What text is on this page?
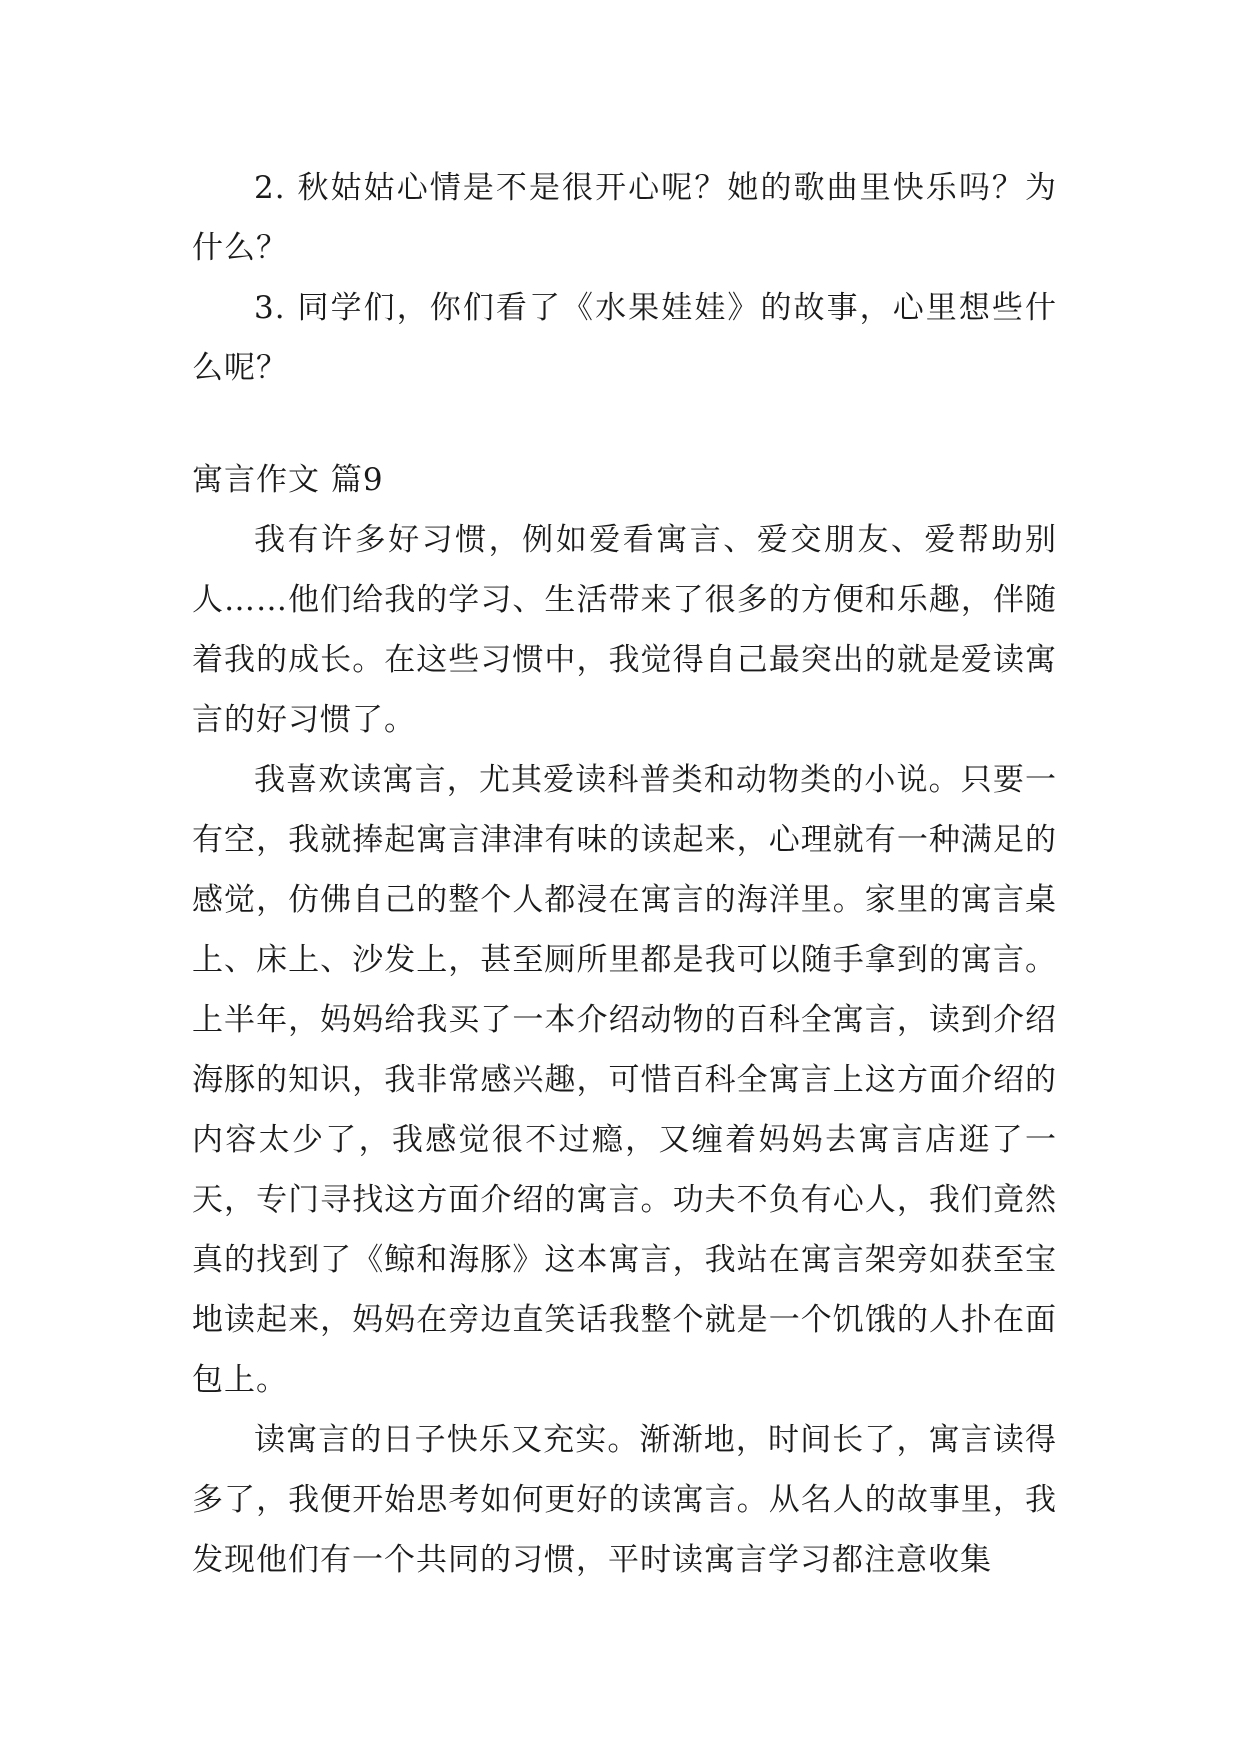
2. 秋姑姑心情是不是很开心呢？她的歌曲里快乐吗？为什么？

3. 同学们，你们看了《水果娃娃》的故事，心里想些什么呢？

寓言作文 篇9

我有许多好习惯，例如爱看寓言、爱交朋友、爱帮助别人……他们给我的学习、生活带来了很多的方便和乐趣，伴随着我的成长。在这些习惯中，我觉得自己最突出的就是爱读寓言的好习惯了。

我喜欢读寓言，尤其爱读科普类和动物类的小说。只要一有空，我就捧起寓言津津有味的读起来，心理就有一种满足的感觉，仿佛自己的整个人都浸在寓言的海洋里。家里的寓言桌上、床上、沙发上，甚至厕所里都是我可以随手拿到的寓言。上半年，妈妈给我买了一本介绍动物的百科全寓言，读到介绍海豚的知识，我非常感兴趣，可惜百科全寓言上这方面介绍的内容太少了，我感觉很不过瘾，又缠着妈妈去寓言店逛了一天，专门寻找这方面介绍的寓言。功夫不负有心人，我们竟然真的找到了《鲸和海豚》这本寓言，我站在寓言架旁如获至宝地读起来，妈妈在旁边直笑话我整个就是一个饥饿的人扑在面包上。

读寓言的日子快乐又充实。渐渐地，时间长了，寓言读得多了，我便开始思考如何更好的读寓言。从名人的故事里，我发现他们有一个共同的习惯，平时读寓言学习都注意收集
